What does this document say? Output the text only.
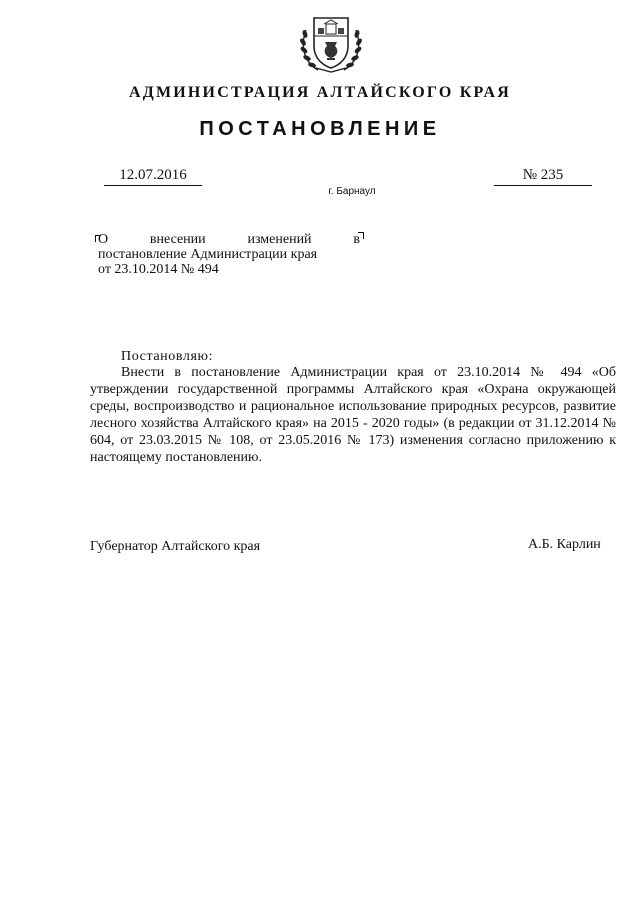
АДМИНИСТРАЦИЯ АЛТАЙСКОГО КРАЯ
ПОСТАНОВЛЕНИЕ
12.07.2016	№ 235
г. Барнаул
О	внесении	изменений	в
постановление Администрации края
от 23.10.2014 № 494
Постановляю:
Внести в постановление Администрации края от 23.10.2014 № 494 «Об утверждении государственной программы Алтайского края «Охрана окружающей среды, воспроизводство и рациональное использование природных ресурсов, развитие лесного хозяйства Алтайского края» на 2015 - 2020 годы» (в редакции от 31.12.2014 № 604, от 23.03.2015 № 108, от 23.05.2016 № 173) изменения согласно приложению к настоящему постановлению.
Губернатор Алтайского края	А.Б. Карлин
